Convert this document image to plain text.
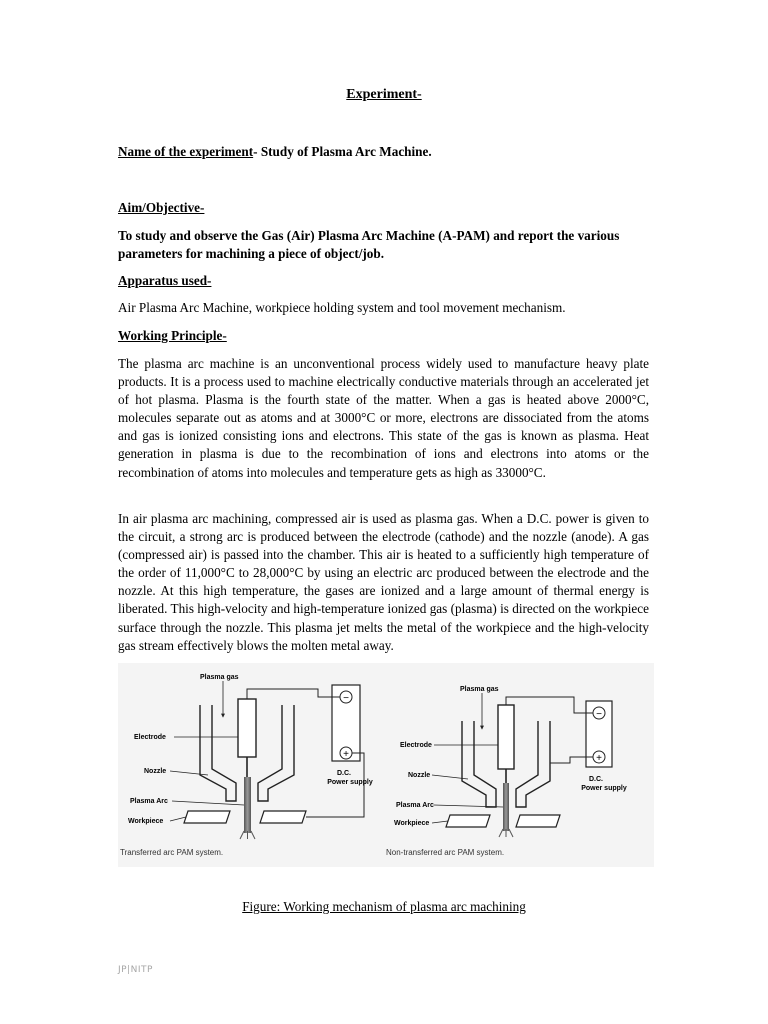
Experiment-
Name of the experiment- Study of Plasma Arc Machine.
Aim/Objective-
To study and observe the Gas (Air) Plasma Arc Machine (A-PAM) and report the various parameters for machining a piece of object/job.
Apparatus used-
Air Plasma Arc Machine, workpiece holding system and tool movement mechanism.
Working Principle-
The plasma arc machine is an unconventional process widely used to manufacture heavy plate products. It is a process used to machine electrically conductive materials through an accelerated jet of hot plasma. Plasma is the fourth state of the matter. When a gas is heated above 2000°C, molecules separate out as atoms and at 3000°C or more, electrons are dissociated from the atoms and gas is ionized consisting ions and electrons. This state of the gas is known as plasma. Heat generation in plasma is due to the recombination of ions and electrons into atoms or the recombination of atoms into molecules and temperature gets as high as 33000°C.
In air plasma arc machining, compressed air is used as plasma gas. When a D.C. power is given to the circuit, a strong arc is produced between the electrode (cathode) and the nozzle (anode). A gas (compressed air) is passed into the chamber. This air is heated to a sufficiently high temperature of the order of 11,000°C to 28,000°C by using an electric arc produced between the electrode and the nozzle. At this high temperature, the gases are ionized and a large amount of thermal energy is liberated. This high-velocity and high-temperature ionized gas (plasma) is directed on the workpiece surface through the nozzle. This plasma jet melts the metal of the workpiece and the high-velocity gas stream effectively blows the molten metal away.
−
+
Plasma gas
Electrode
Nozzle
Plasma Arc
Workpiece
D.C.
Power supply
Transferred arc PAM system.
−
+
Plasma gas
Electrode
Nozzle
Plasma Arc
Workpiece
D.C.
Power supply
Non-transferred arc PAM system.
Figure: Working mechanism of plasma arc machining
JP|NITP
